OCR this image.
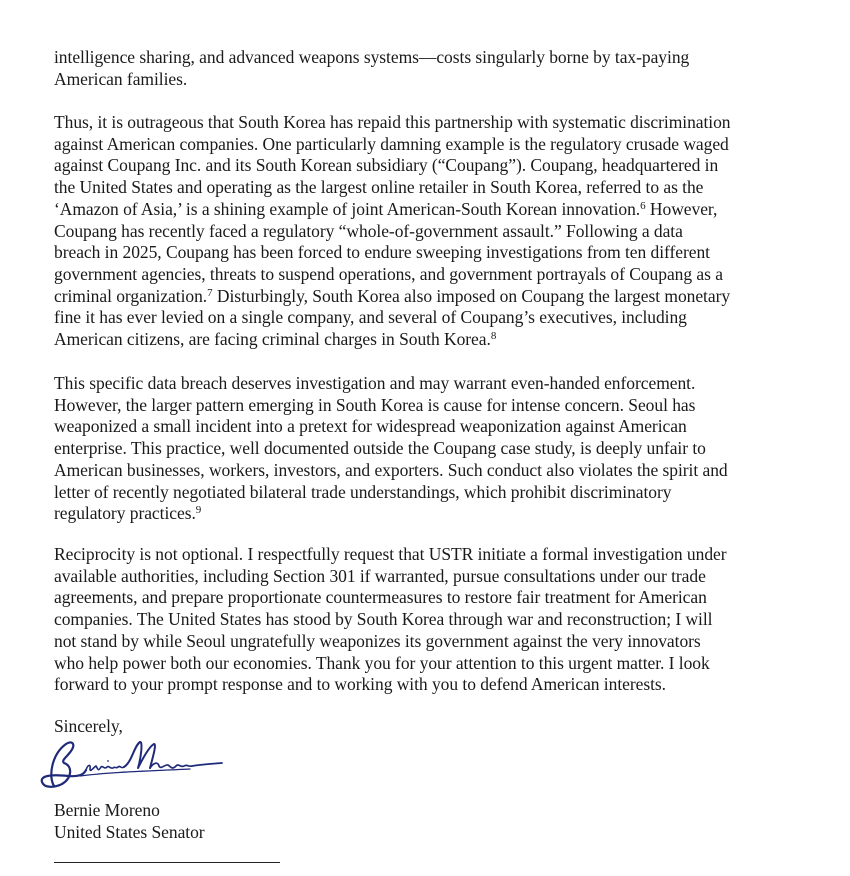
intelligence sharing, and advanced weapons systems—costs singularly borne by tax-paying
American families.
Thus, it is outrageous that South Korea has repaid this partnership with systematic discrimination
against American companies. One particularly damning example is the regulatory crusade waged
against Coupang Inc. and its South Korean subsidiary (“Coupang”). Coupang, headquartered in
the United States and operating as the largest online retailer in South Korea, referred to as the
‘Amazon of Asia,’ is a shining example of joint American-South Korean innovation.$^6$ However,
Coupang has recently faced a regulatory “whole-of-government assault.” Following a data
breach in 2025, Coupang has been forced to endure sweeping investigations from ten different
government agencies, threats to suspend operations, and government portrayals of Coupang as a
criminal organization.$^7$ Disturbingly, South Korea also imposed on Coupang the largest monetary
fine it has ever levied on a single company, and several of Coupang’s executives, including
American citizens, are facing criminal charges in South Korea.$^8$
This specific data breach deserves investigation and may warrant even-handed enforcement.
However, the larger pattern emerging in South Korea is cause for intense concern. Seoul has
weaponized a small incident into a pretext for widespread weaponization against American
enterprise. This practice, well documented outside the Coupang case study, is deeply unfair to
American businesses, workers, investors, and exporters. Such conduct also violates the spirit and
letter of recently negotiated bilateral trade understandings, which prohibit discriminatory
regulatory practices.$^9$
Reciprocity is not optional. I respectfully request that USTR initiate a formal investigation under
available authorities, including Section 301 if warranted, pursue consultations under our trade
agreements, and prepare proportionate countermeasures to restore fair treatment for American
companies. The United States has stood by South Korea through war and reconstruction; I will
not stand by while Seoul ungratefully weaponizes its government against the very innovators
who help power both our economies. Thank you for your attention to this urgent matter. I look
forward to your prompt response and to working with you to defend American interests.
Sincerely,
Bernie Moreno
United States Senator
